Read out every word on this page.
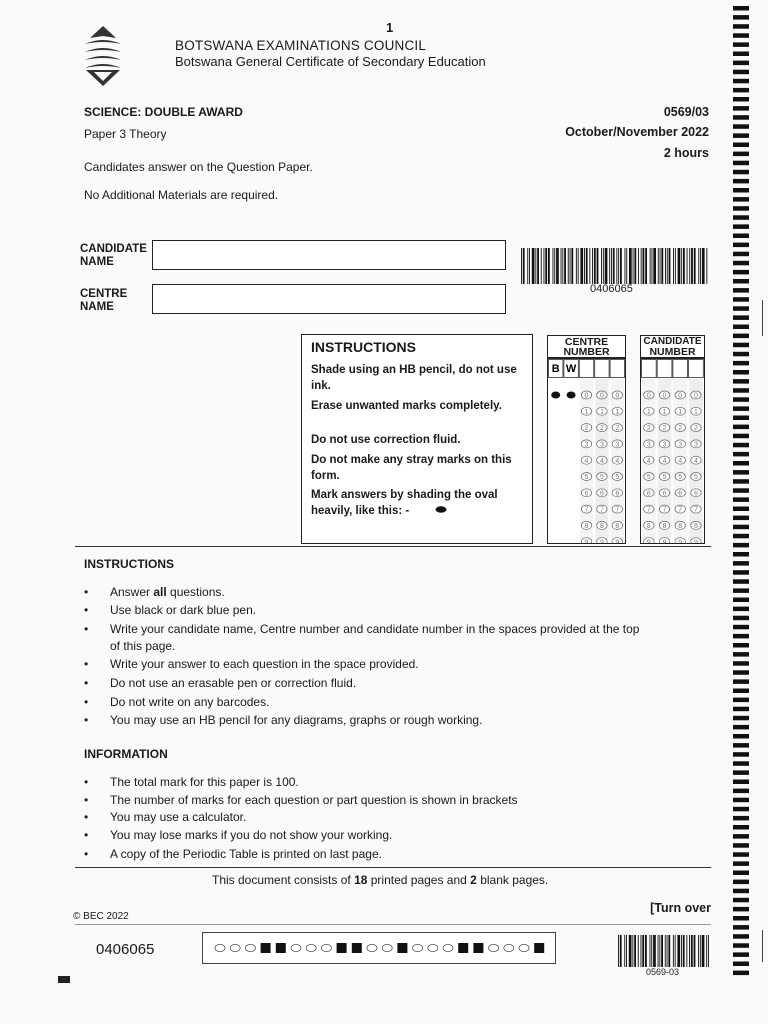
1
BOTSWANA EXAMINATIONS COUNCIL
Botswana General Certificate of Secondary Education
SCIENCE: DOUBLE AWARD
Paper 3 Theory
0569/03
October/November 2022
2 hours
Candidates answer on the Question Paper.
No Additional Materials are required.
CANDIDATE
NAME
CENTRE
NAME
0406065
INSTRUCTIONS
Shade using an HB pencil, do not use ink.
Erase unwanted marks completely.
Do not use correction fluid.
Do not make any stray marks on this form.
Mark answers by shading the oval heavily, like this: -
CENTRE
NUMBER
B W
0
1
2
3
4
5
6
7
8
9
0
1
2
3
4
5
6
7
8
9
0
1
2
3
4
5
6
7
8
9
CANDIDATE
NUMBER
0
1
2
3
4
5
6
7
8
9
0
1
2
3
4
5
6
7
8
9
0
1
2
3
4
5
6
7
8
9
0
1
2
3
4
5
6
7
8
9
INSTRUCTIONS
• Answer all questions.
• Use black or dark blue pen.
• Write your candidate name, Centre number and candidate number in the spaces provided at the top of this page.
• Write your answer to each question in the space provided.
• Do not use an erasable pen or correction fluid.
• Do not write on any barcodes.
• You may use an HB pencil for any diagrams, graphs or rough working.
INFORMATION
• The total mark for this paper is 100.
• The number of marks for each question or part question is shown in brackets
• You may use a calculator.
• You may lose marks if you do not show your working.
• A copy of the Periodic Table is printed on last page.
This document consists of 18 printed pages and 2 blank pages.
© BEC 2022
[Turn over
0406065
0569-03
